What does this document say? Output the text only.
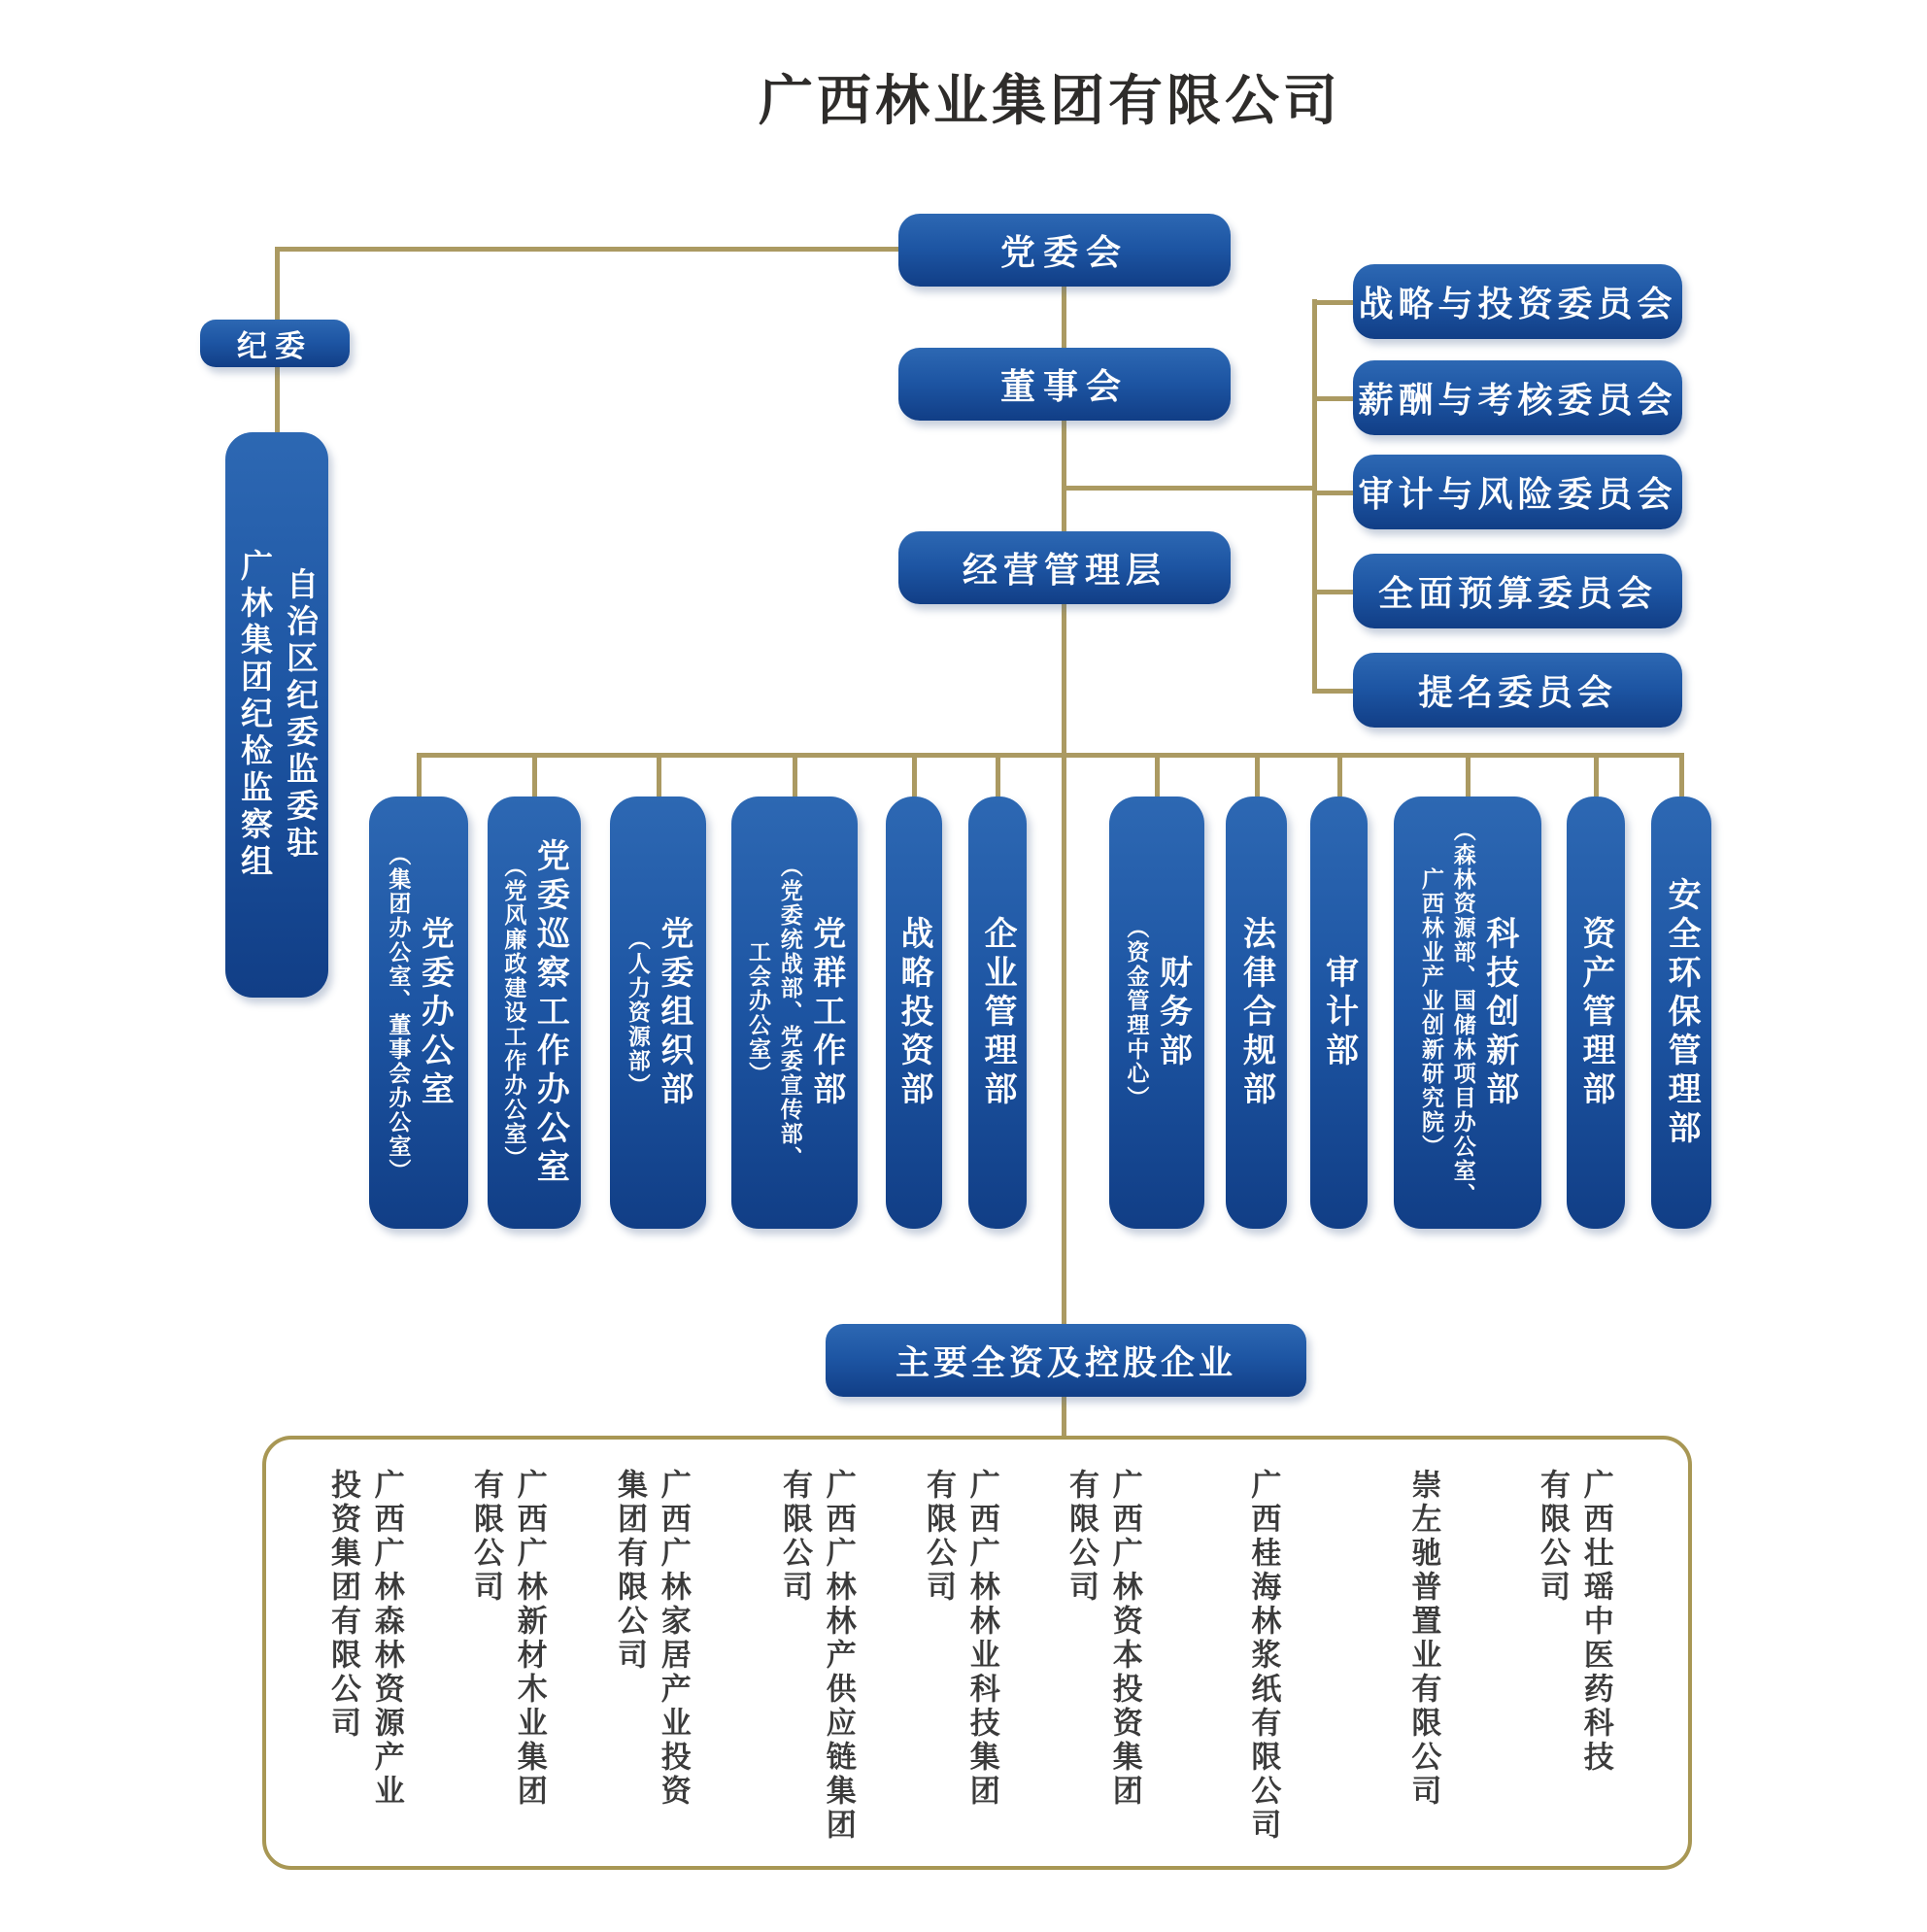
广西林业集团有限公司
党委会
董事会
经营管理层
纪委
自治区纪委监委驻
广林集团纪检监察组
战略与投资委员会
薪酬与考核委员会
审计与风险委员会
全面预算委员会
提名委员会
党委办公室
（集团办公室、董事会办公室）	党委巡察工作办公室
（党风廉政建设工作办公室）	党委组织部
（人力资源部）	党群工作部
（党委统战部、党委宣传部、
工会办公室）	战略投资部 企业管理部	财务部
（资金管理中心）	法律合规部 审计部	科技创新部
（森林资源部、国储林项目办公室、
广西林业产业创新研究院）	资产管理部 安全环保管理部
主要全资及控股企业
广西广林森林资源产业
投资集团有限公司	广西广林新材木业集团
有限公司	广西广林家居产业投资
集团有限公司	广西广林林产供应链集团
有限公司	广西广林林业科技集团
有限公司	广西广林资本投资集团
有限公司	广西桂海林浆纸有限公司	崇左驰普置业有限公司	广西壮瑶中医药科技
有限公司
